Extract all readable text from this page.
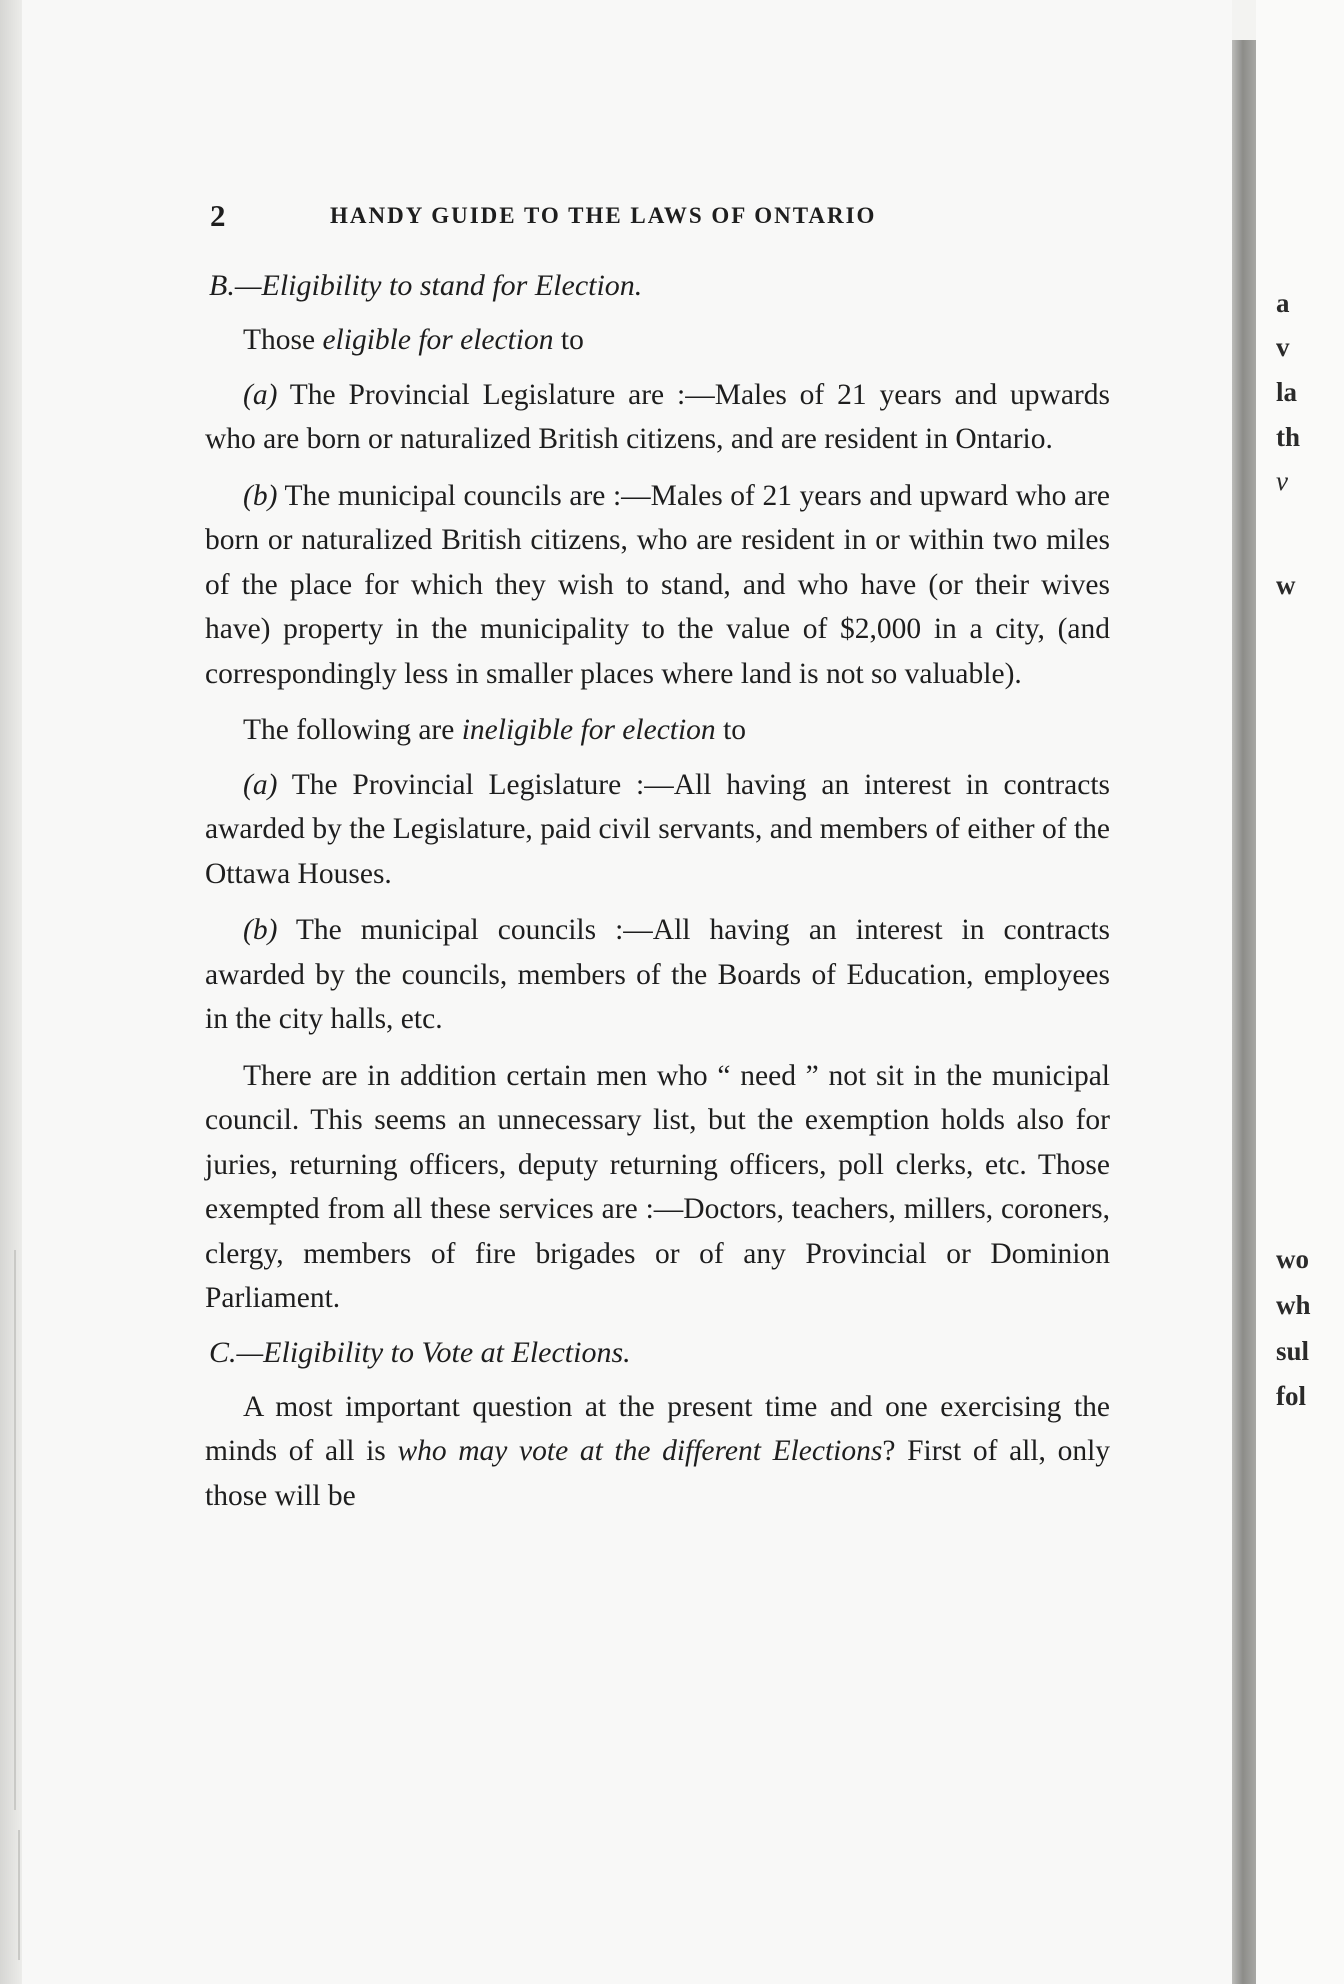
a
v
la
th
v
w
wo
wh
sul
fol
2	HANDY GUIDE TO THE LAWS OF ONTARIO
B.—Eligibility to stand for Election.

Those eligible for election to

(a) The Provincial Legislature are :—Males of 21 years and upwards who are born or naturalized British citizens, and are resident in Ontario.

(b) The municipal councils are :—Males of 21 years and upward who are born or naturalized British citizens, who are resident in or within two miles of the place for which they wish to stand, and who have (or their wives have) property in the municipality to the value of $2,000 in a city, (and correspondingly less in smaller places where land is not so valuable).

The following are ineligible for election to

(a) The Provincial Legislature :—All having an interest in contracts awarded by the Legislature, paid civil servants, and members of either of the Ottawa Houses.

(b) The municipal councils :—All having an interest in contracts awarded by the councils, members of the Boards of Education, employees in the city halls, etc.

There are in addition certain men who “ need ” not sit in the municipal council. This seems an unnecessary list, but the exemption holds also for juries, returning officers, deputy returning officers, poll clerks, etc. Those exempted from all these services are :—Doctors, teachers, millers, coroners, clergy, members of fire brigades or of any Provincial or Dominion Parliament.

C.—Eligibility to Vote at Elections.

A most important question at the present time and one exercising the minds of all is who may vote at the different Elections? First of all, only those will be
